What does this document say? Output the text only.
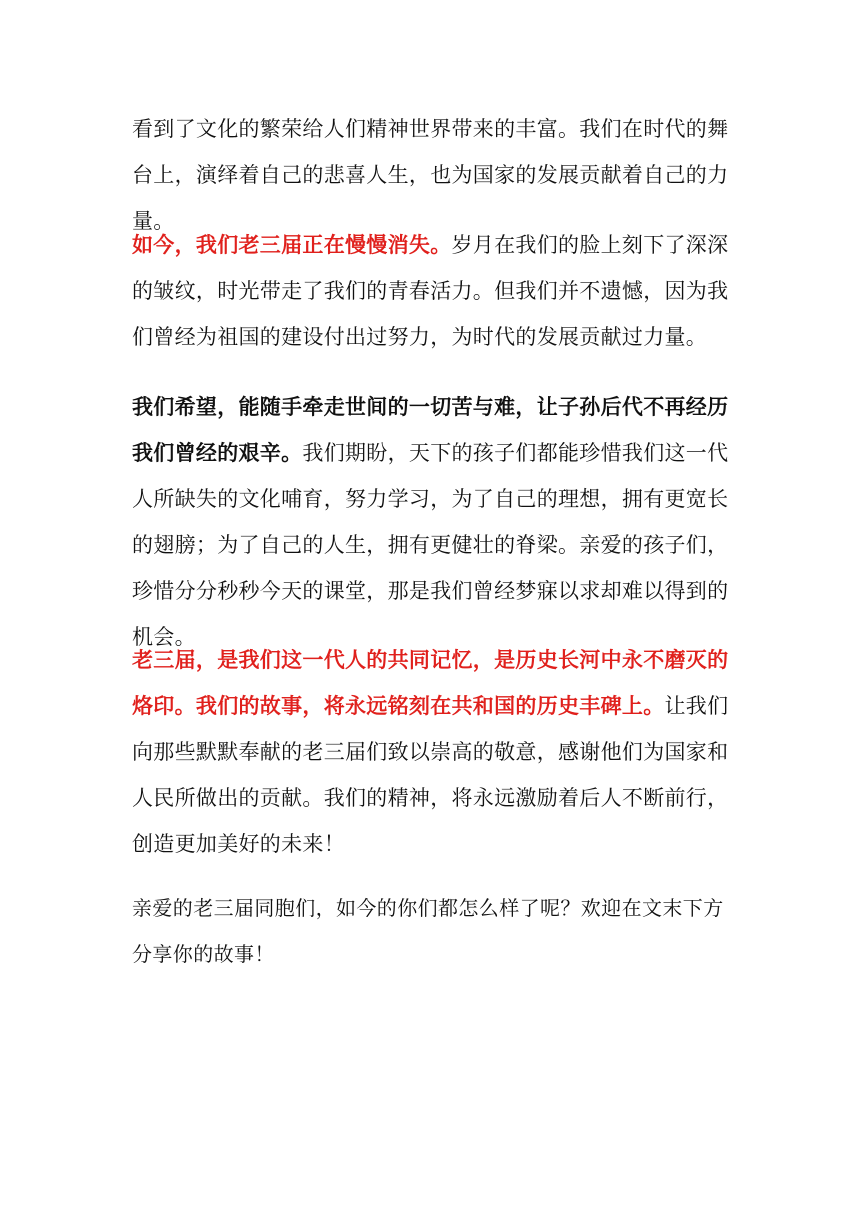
看到了文化的繁荣给人们精神世界带来的丰富。我们在时代的舞台上，演绎着自己的悲喜人生，也为国家的发展贡献着自己的力量。

如今，我们老三届正在慢慢消失。岁月在我们的脸上刻下了深深的皱纹，时光带走了我们的青春活力。但我们并不遗憾，因为我们曾经为祖国的建设付出过努力，为时代的发展贡献过力量。

我们希望，能随手牵走世间的一切苦与难，让子孙后代不再经历我们曾经的艰辛。我们期盼，天下的孩子们都能珍惜我们这一代人所缺失的文化哺育，努力学习，为了自己的理想，拥有更宽长的翅膀；为了自己的人生，拥有更健壮的脊梁。亲爱的孩子们，珍惜分分秒秒今天的课堂，那是我们曾经梦寐以求却难以得到的机会。

老三届，是我们这一代人的共同记忆，是历史长河中永不磨灭的烙印。我们的故事，将永远铭刻在共和国的历史丰碑上。让我们向那些默默奉献的老三届们致以崇高的敬意，感谢他们为国家和人民所做出的贡献。我们的精神，将永远激励着后人不断前行，创造更加美好的未来！

亲爱的老三届同胞们，如今的你们都怎么样了呢？欢迎在文末下方分享你的故事！
